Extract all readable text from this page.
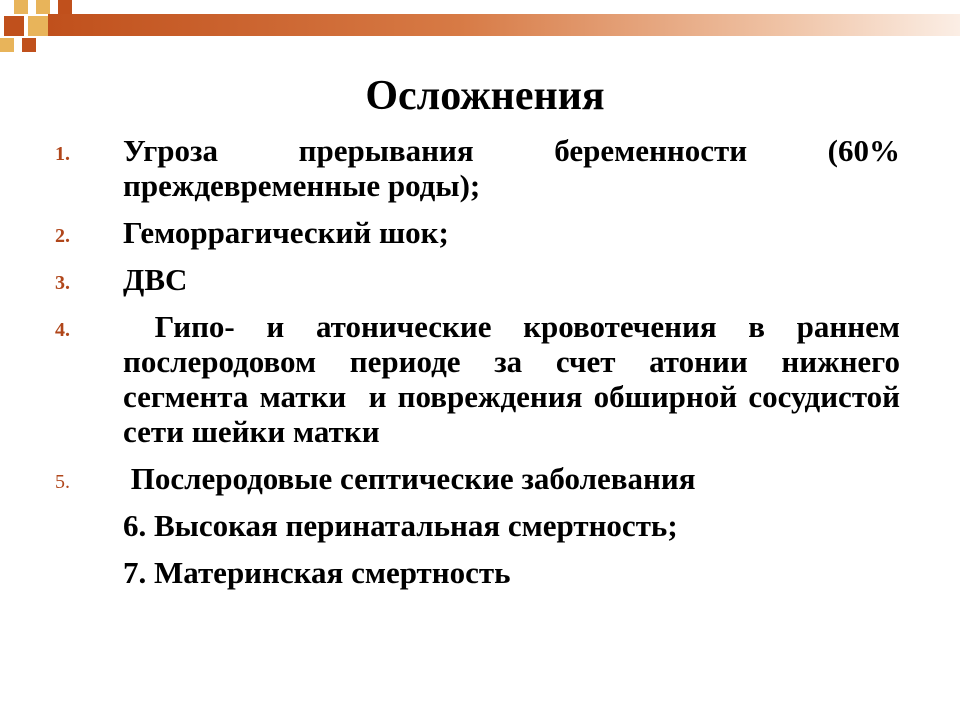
Осложнения
1.	Угроза прерывания беременности (60% преждевременные роды);
2.	Геморрагический шок;
3.	ДВС
4.	Гипо- и атонические кровотечения в раннем послеродовом периоде за счет атонии нижнего сегмента матки  и повреждения обширной сосудистой сети шейки матки
5.	Послеродовые септические заболевания
6. Высокая перинатальная смертность;
7. Материнская смертность
